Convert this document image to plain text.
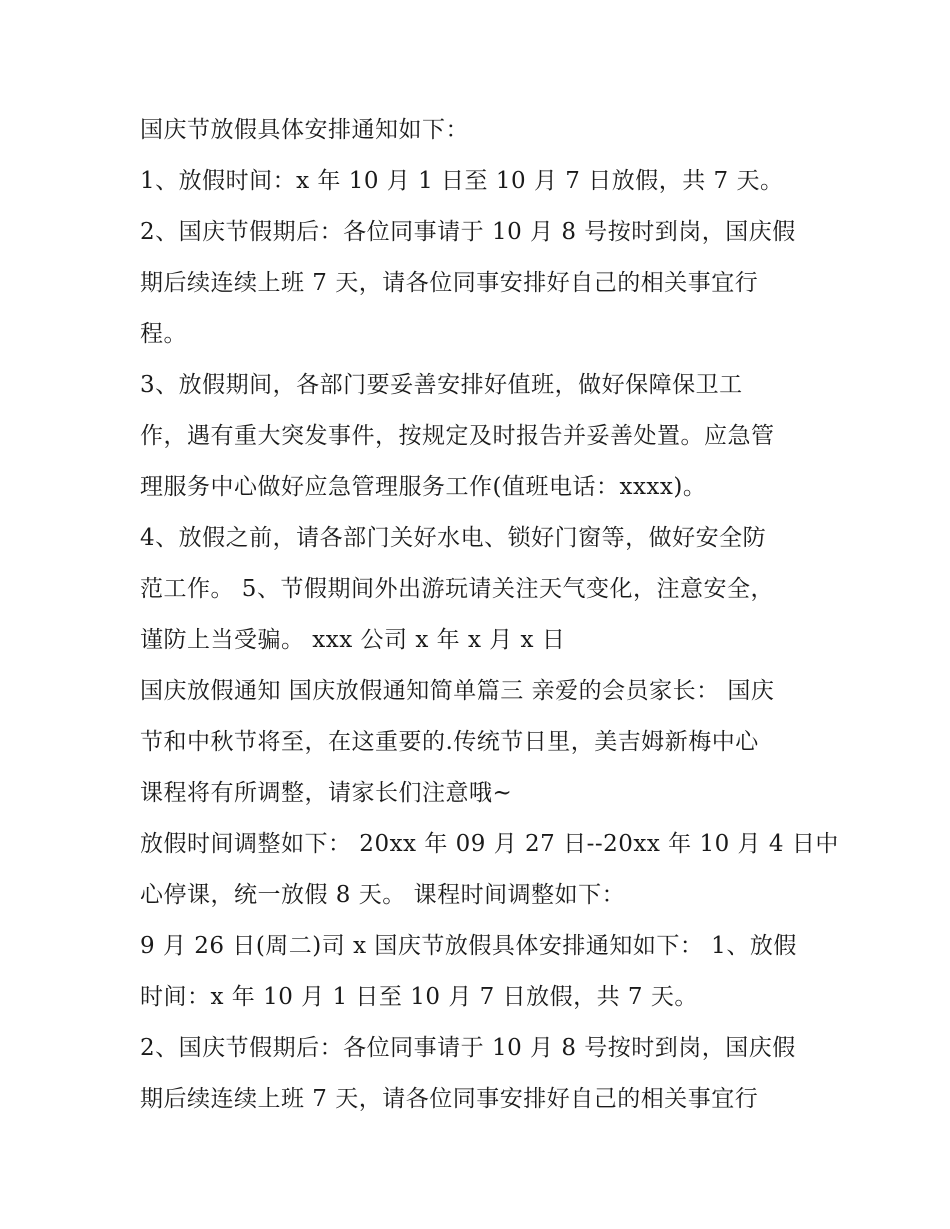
国庆节放假具体安排通知如下：
1、放假时间：x 年 10 月 1 日至 10 月 7 日放假，共 7 天。
2、国庆节假期后：各位同事请于 10 月 8 号按时到岗，国庆假
期后续连续上班 7 天，请各位同事安排好自己的相关事宜行
程。
3、放假期间，各部门要妥善安排好值班，做好保障保卫工
作，遇有重大突发事件，按规定及时报告并妥善处置。应急管
理服务中心做好应急管理服务工作(值班电话：xxxx)。
4、放假之前，请各部门关好水电、锁好门窗等，做好安全防
范工作。 5、节假期间外出游玩请关注天气变化，注意安全，
谨防上当受骗。 xxx 公司 x 年 x 月 x 日
国庆放假通知 国庆放假通知简单篇三 亲爱的会员家长： 国庆
节和中秋节将至，在这重要的.传统节日里，美吉姆新梅中心
课程将有所调整，请家长们注意哦~
放假时间调整如下： 20xx 年 09 月 27 日--20xx 年 10 月 4 日中
心停课，统一放假 8 天。 课程时间调整如下：
9 月 26 日(周二)司 x 国庆节放假具体安排通知如下： 1、放假
时间：x 年 10 月 1 日至 10 月 7 日放假，共 7 天。
2、国庆节假期后：各位同事请于 10 月 8 号按时到岗，国庆假
期后续连续上班 7 天，请各位同事安排好自己的相关事宜行
